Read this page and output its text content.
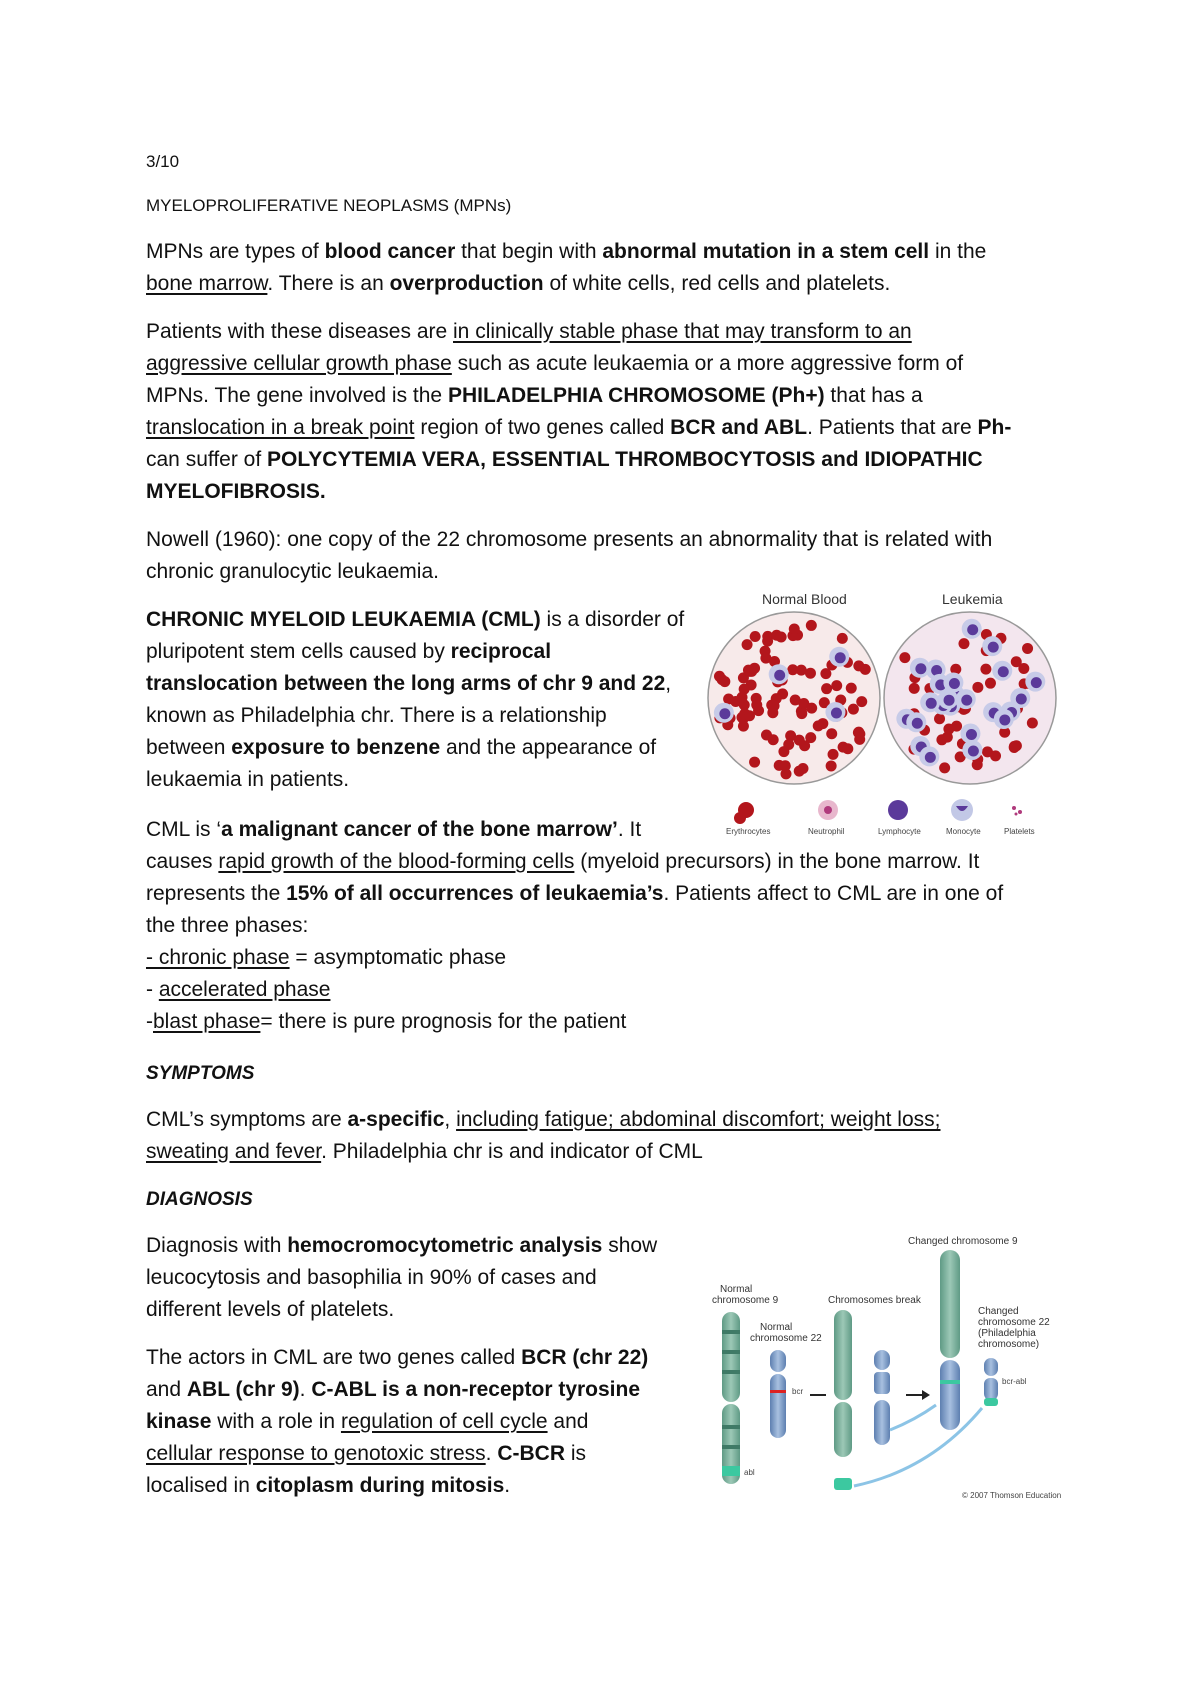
3/10
MYELOPROLIFERATIVE NEOPLASMS (MPNs)
MPNs are types of blood cancer that begin with abnormal mutation in a stem cell in the
bone marrow. There is an overproduction of white cells, red cells and platelets.
Patients with these diseases are in clinically stable phase that may transform to an
aggressive cellular growth phase such as acute leukaemia or a more aggressive form of
MPNs. The gene involved is the PHILADELPHIA CHROMOSOME (Ph+) that has a
translocation in a break point region of two genes called BCR and ABL. Patients that are Ph-
can suffer of POLYCYTEMIA VERA, ESSENTIAL THROMBOCYTOSIS and IDIOPATHIC
MYELOFIBROSIS.
Nowell (1960): one copy of the 22 chromosome presents an abnormality that is related with
chronic granulocytic leukaemia.
CHRONIC MYELOID LEUKAEMIA (CML) is a disorder of
pluripotent stem cells caused by reciprocal
translocation between the long arms of chr 9 and 22,
known as Philadelphia chr. There is a relationship
between exposure to benzene and the appearance of
leukaemia in patients.
Normal Blood	Leukemia
Erythrocytes	Neutrophil	Lymphocyte	Monocyte	Platelets
CML is ‘a malignant cancer of the bone marrow’. It
causes rapid growth of the blood-forming cells (myeloid precursors) in the bone marrow. It
represents the 15% of all occurrences of leukaemia’s. Patients affect to CML are in one of
the three phases:
- chronic phase = asymptomatic phase
- accelerated phase
-blast phase= there is pure prognosis for the patient
SYMPTOMS
CML’s symptoms are a-specific, including fatigue; abdominal discomfort; weight loss;
sweating and fever. Philadelphia chr is and indicator of CML
DIAGNOSIS
Diagnosis with hemocromocytometric analysis show
leucocytosis and basophilia in 90% of cases and
different levels of platelets.
The actors in CML are two genes called BCR (chr 22)
and ABL (chr 9). C-ABL is a non-receptor tyrosine
kinase with a role in regulation of cell cycle and
cellular response to genotoxic stress. C-BCR is
localised in citoplasm during mitosis.
Changed chromosome 9
Normal
chromosome 9	Chromosomes break
Normal
chromosome 22
Changed
chromosome 22
(Philadelphia
chromosome)
abl
bcr
bcr-abl
© 2007 Thomson Education
